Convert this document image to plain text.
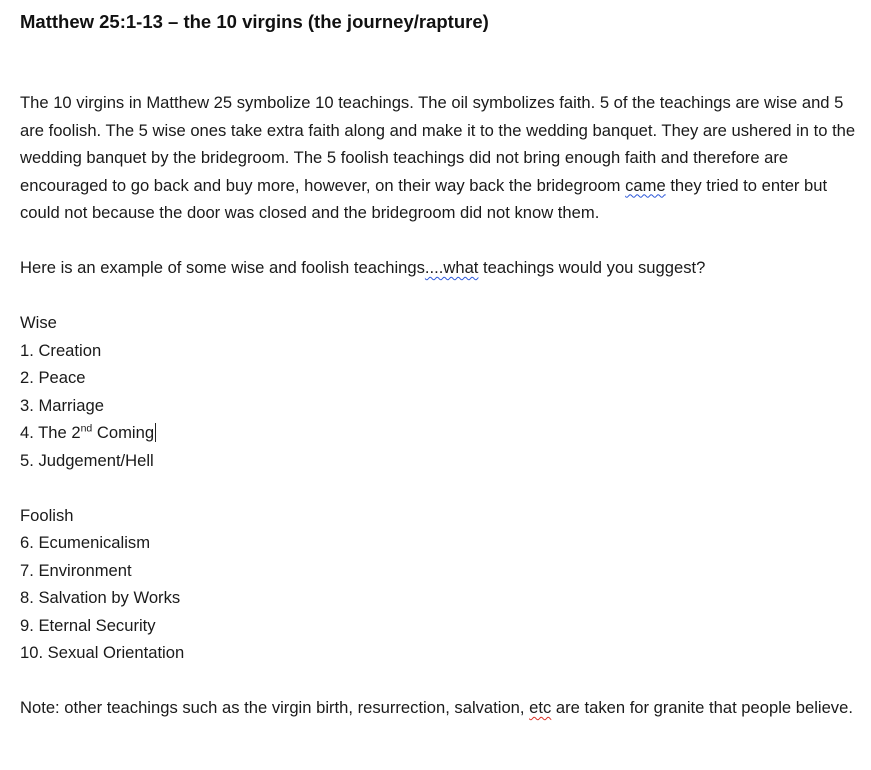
Matthew 25:1-13 – the 10 virgins (the journey/rapture)

The 10 virgins in Matthew 25 symbolize 10 teachings. The oil symbolizes faith. 5 of the teachings are wise and 5 are foolish. The 5 wise ones take extra faith along and make it to the wedding banquet. They are ushered in to the wedding banquet by the bridegroom. The 5 foolish teachings did not bring enough faith and therefore are encouraged to go back and buy more, however, on their way back the bridegroom came they tried to enter but could not because the door was closed and the bridegroom did not know them.

Here is an example of some wise and foolish teachings....what teachings would you suggest?

Wise

1. Creation

2. Peace

3. Marriage

4. The 2nd Coming

5. Judgement/Hell

Foolish

6. Ecumenicalism

7. Environment

8. Salvation by Works

9. Eternal Security

10. Sexual Orientation

Note: other teachings such as the virgin birth, resurrection, salvation, etc are taken for granite that people believe.
